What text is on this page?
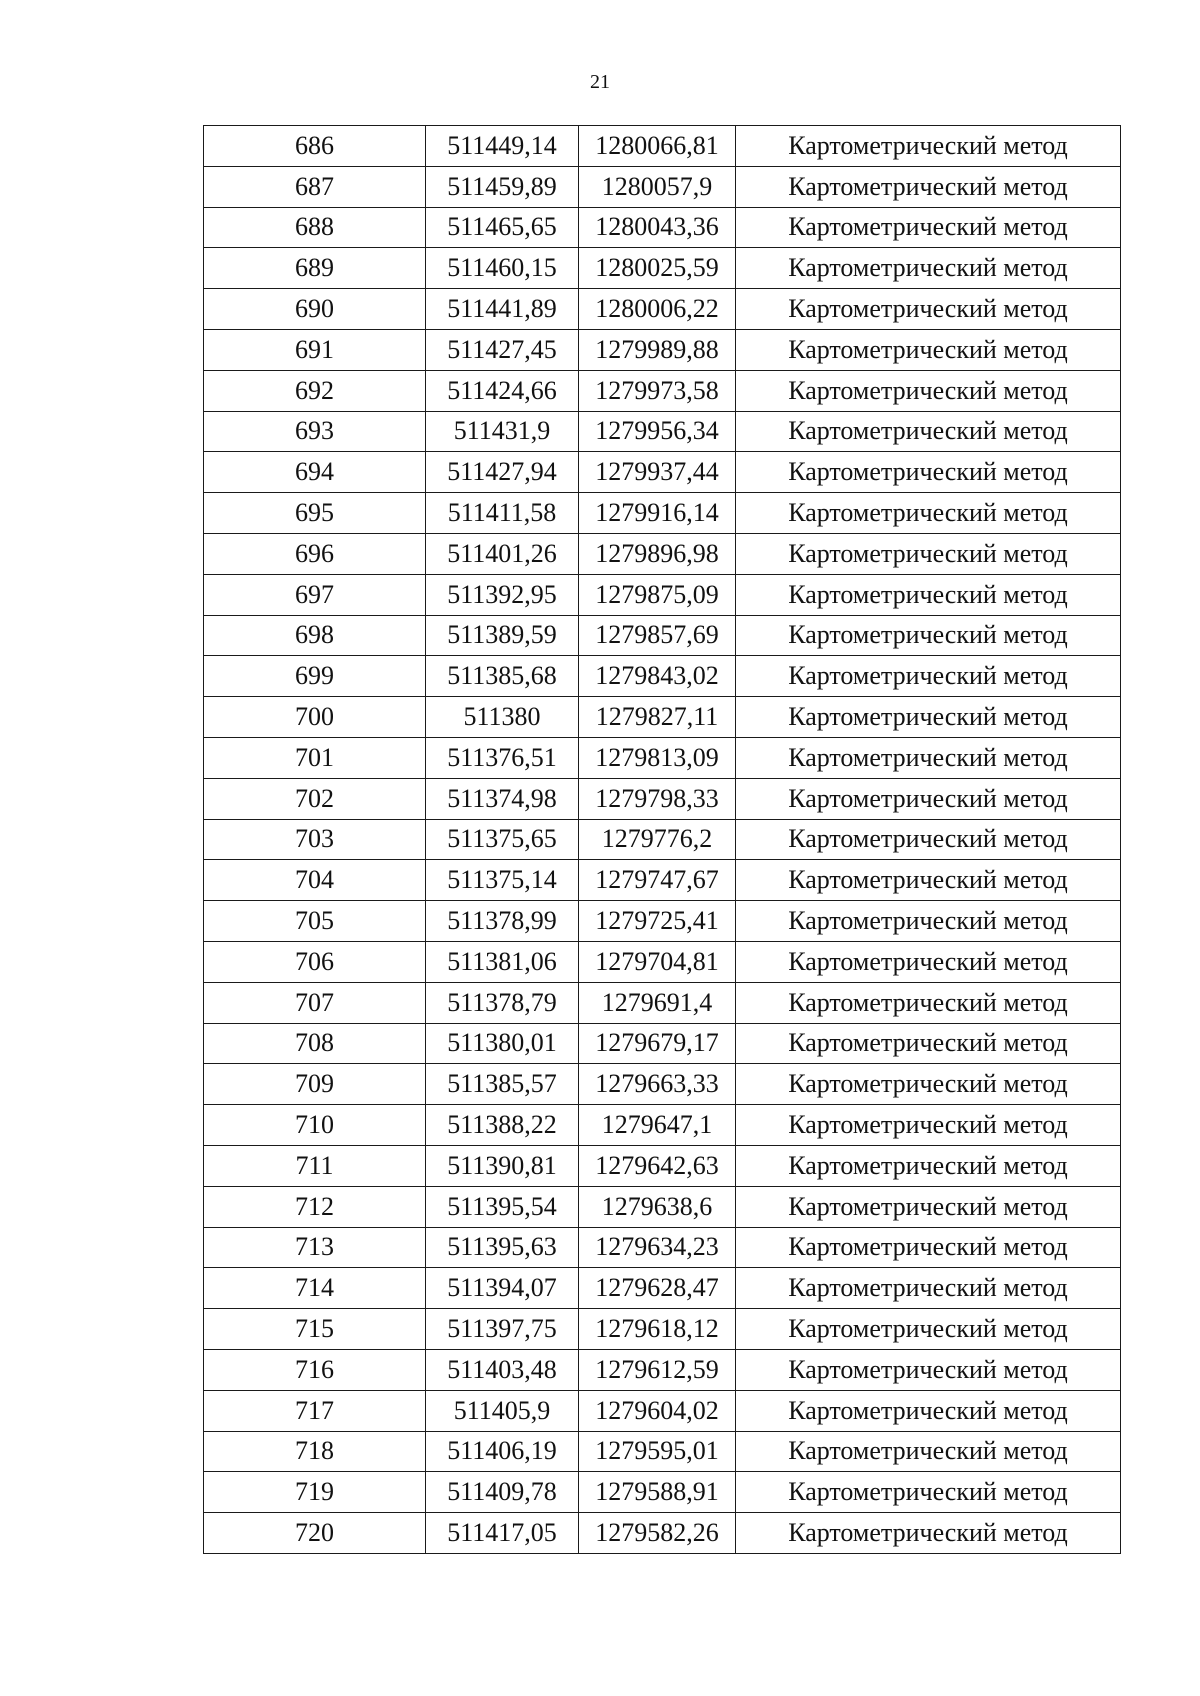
21
686	511449,14	1280066,81	Картометрический метод
687	511459,89	1280057,9	Картометрический метод
688	511465,65	1280043,36	Картометрический метод
689	511460,15	1280025,59	Картометрический метод
690	511441,89	1280006,22	Картометрический метод
691	511427,45	1279989,88	Картометрический метод
692	511424,66	1279973,58	Картометрический метод
693	511431,9	1279956,34	Картометрический метод
694	511427,94	1279937,44	Картометрический метод
695	511411,58	1279916,14	Картометрический метод
696	511401,26	1279896,98	Картометрический метод
697	511392,95	1279875,09	Картометрический метод
698	511389,59	1279857,69	Картометрический метод
699	511385,68	1279843,02	Картометрический метод
700	511380	1279827,11	Картометрический метод
701	511376,51	1279813,09	Картометрический метод
702	511374,98	1279798,33	Картометрический метод
703	511375,65	1279776,2	Картометрический метод
704	511375,14	1279747,67	Картометрический метод
705	511378,99	1279725,41	Картометрический метод
706	511381,06	1279704,81	Картометрический метод
707	511378,79	1279691,4	Картометрический метод
708	511380,01	1279679,17	Картометрический метод
709	511385,57	1279663,33	Картометрический метод
710	511388,22	1279647,1	Картометрический метод
711	511390,81	1279642,63	Картометрический метод
712	511395,54	1279638,6	Картометрический метод
713	511395,63	1279634,23	Картометрический метод
714	511394,07	1279628,47	Картометрический метод
715	511397,75	1279618,12	Картометрический метод
716	511403,48	1279612,59	Картометрический метод
717	511405,9	1279604,02	Картометрический метод
718	511406,19	1279595,01	Картометрический метод
719	511409,78	1279588,91	Картометрический метод
720	511417,05	1279582,26	Картометрический метод
